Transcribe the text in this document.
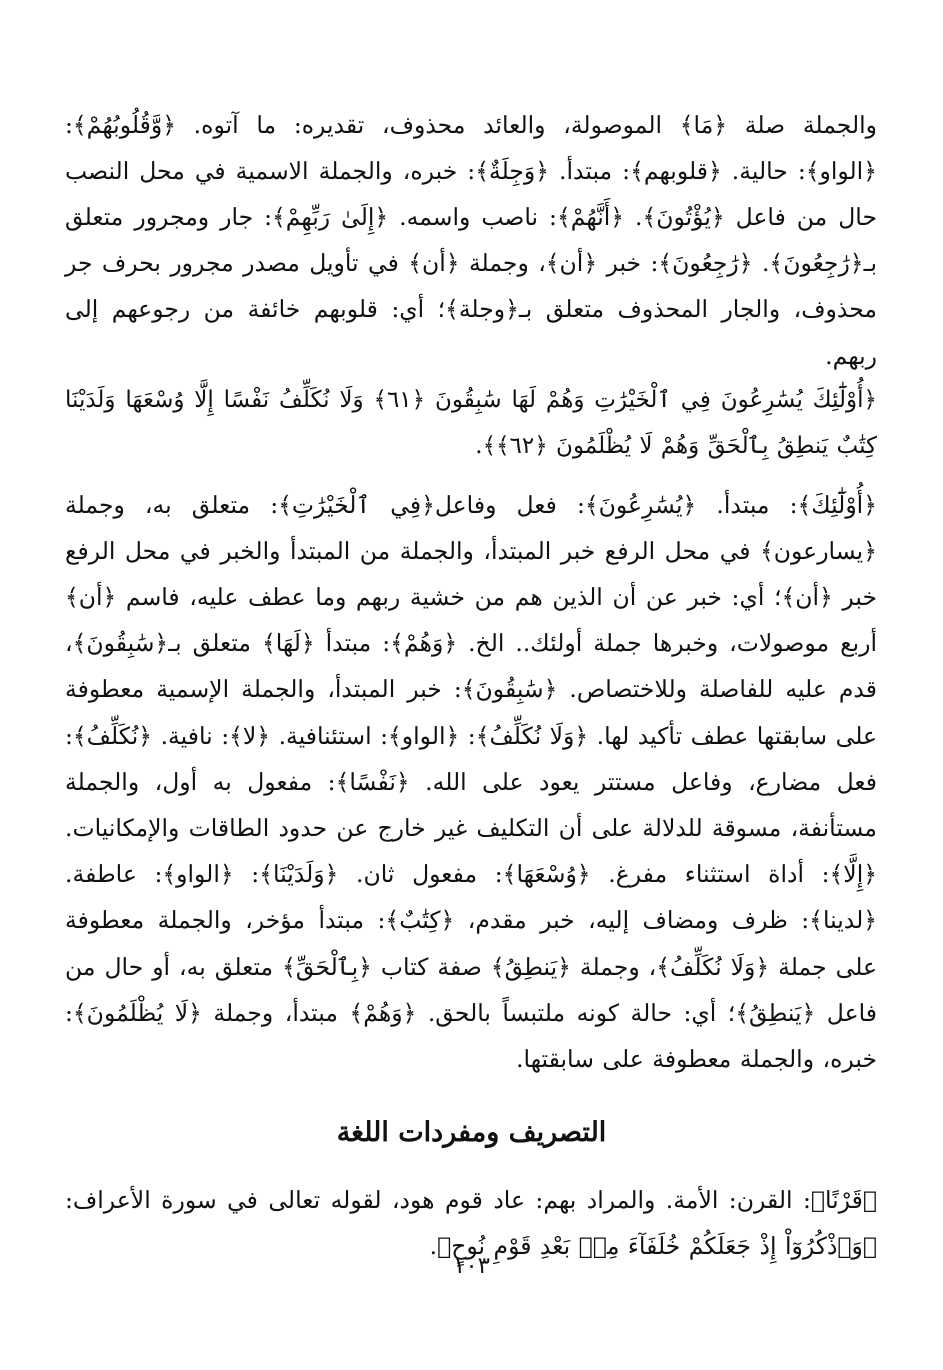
والجملة صلة ﴿مَا﴾ الموصولة، والعائد محذوف، تقديره: ما آتوه. ﴿وَّقُلُوبُهُمْ﴾: ﴿الواو﴾: حالية. ﴿قلوبهم﴾: مبتدأ. ﴿وَجِلَةٌ﴾: خبره، والجملة الاسمية في محل النصب حال من فاعل ﴿يُؤْتُونَ﴾. ﴿أَنَّهُمْ﴾: ناصب واسمه. ﴿إِلَىٰ رَبِّهِمْ﴾: جار ومجرور متعلق بـ﴿رَٰجِعُونَ﴾. ﴿رَٰجِعُونَ﴾: خبر ﴿أن﴾، وجملة ﴿أن﴾ في تأويل مصدر مجرور بحرف جر محذوف، والجار المحذوف متعلق بـ﴿وجلة﴾؛ أي: قلوبهم خائفة من رجوعهم إلى ربهم.

﴿أُوْلَٰٓئِكَ يُسَٰرِعُونَ فِي ٱلْخَيْرَٰتِ وَهُمْ لَهَا سَٰبِقُونَ ﴿٦١﴾ وَلَا نُكَلِّفُ نَفْسًا إِلَّا وُسْعَهَا وَلَدَيْنَا كِتَٰبٌ يَنطِقُ بِٱلْحَقِّ وَهُمْ لَا يُظْلَمُونَ ﴿٦٢﴾﴾.

﴿أُوْلَٰٓئِكَ﴾: مبتدأ. ﴿يُسَٰرِعُونَ﴾: فعل وفاعل﴿فِي ٱلْخَيْرَٰتِ﴾: متعلق به، وجملة ﴿يسارعون﴾ في محل الرفع خبر المبتدأ، والجملة من المبتدأ والخبر في محل الرفع خبر ﴿أن﴾؛ أي: خبر عن أن الذين هم من خشية ربهم وما عطف عليه، فاسم ﴿أن﴾ أربع موصولات، وخبرها جملة أولئك.. الخ. ﴿وَهُمْ﴾: مبتدأ ﴿لَهَا﴾ متعلق بـ﴿سَٰبِقُونَ﴾، قدم عليه للفاصلة وللاختصاص. ﴿سَٰبِقُونَ﴾: خبر المبتدأ، والجملة الإسمية معطوفة على سابقتها عطف تأكيد لها. ﴿وَلَا نُكَلِّفُ﴾: ﴿الواو﴾: استئنافية. ﴿لا﴾: نافية. ﴿نُكَلِّفُ﴾: فعل مضارع، وفاعل مستتر يعود على الله. ﴿نَفْسًا﴾: مفعول به أول، والجملة مستأنفة، مسوقة للدلالة على أن التكليف غير خارج عن حدود الطاقات والإمكانيات. ﴿إِلَّا﴾: أداة استثناء مفرغ. ﴿وُسْعَهَا﴾: مفعول ثان. ﴿وَلَدَيْنَا﴾: ﴿الواو﴾: عاطفة. ﴿لدينا﴾: ظرف ومضاف إليه، خبر مقدم، ﴿كِتَٰبٌ﴾: مبتدأ مؤخر، والجملة معطوفة على جملة ﴿وَلَا نُكَلِّفُ﴾، وجملة ﴿يَنطِقُ﴾ صفة كتاب ﴿بِٱلْحَقِّ﴾ متعلق به، أو حال من فاعل ﴿يَنطِقُ﴾؛ أي: حالة كونه ملتبساً بالحق. ﴿وَهُمْ﴾ مبتدأ، وجملة ﴿لَا يُظْلَمُونَ﴾: خبره، والجملة معطوفة على سابقتها.

التصريف ومفردات اللغة

﴿قَرْنًا﴾: القرن: الأمة. والمراد بهم: عاد قوم هود، لقوله تعالى في سورة الأعراف: ﴿وَٱذْكُرُوٓاْ إِذْ جَعَلَكُمْ خُلَفَآءَ مِنۢ بَعْدِ قَوْمِ نُوحٍ﴾.

١٠٣
